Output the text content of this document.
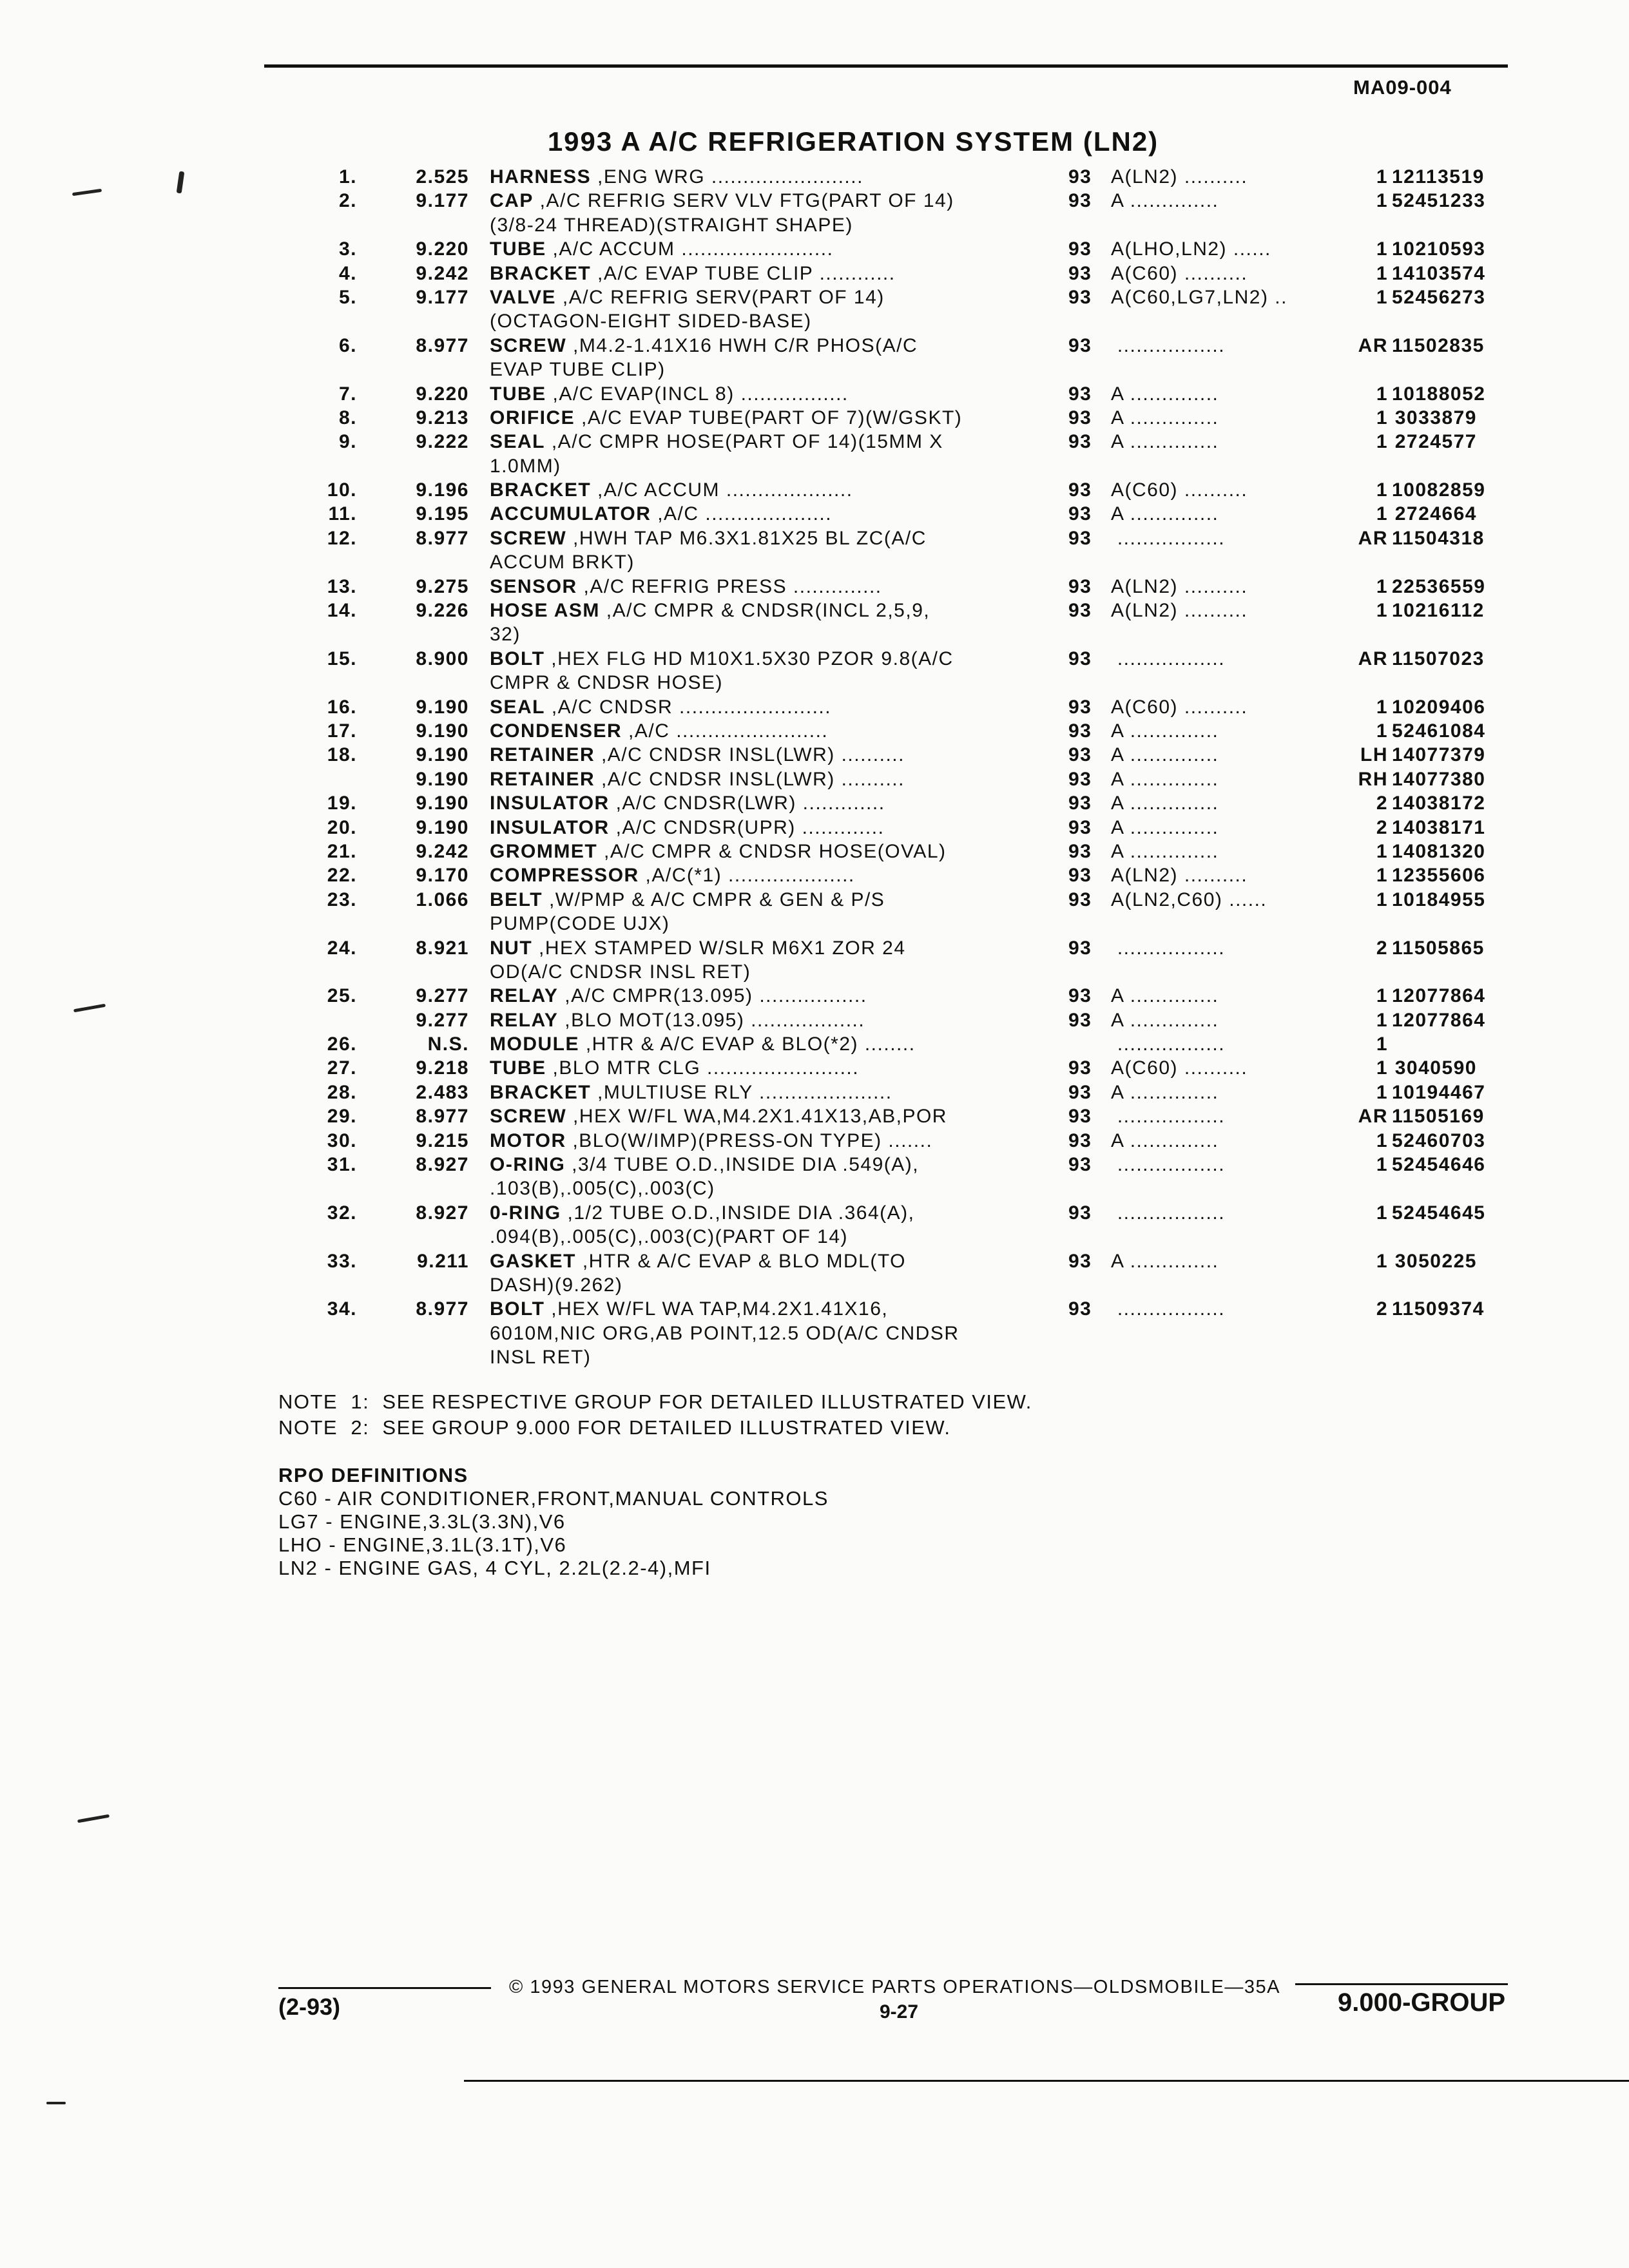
MA09-004
1993 A A/C REFRIGERATION SYSTEM (LN2)
1.	2.525 HARNESS ,ENG WRG ........................	93 A(LN2) ..........	1 12113519
2.	9.177 CAP ,A/C REFRIG SERV VLV FTG(PART OF 14)	93 A ..............	1 52451233
(3/8-24 THREAD)(STRAIGHT SHAPE)
3.	9.220 TUBE ,A/C ACCUM ........................	93 A(LHO,LN2) ......	1 10210593
4.	9.242 BRACKET ,A/C EVAP TUBE CLIP ............	93 A(C60) ..........	1 14103574
5.	9.177 VALVE ,A/C REFRIG SERV(PART OF 14)	93 A(C60,LG7,LN2) ..	1 52456273
(OCTAGON-EIGHT SIDED-BASE)
6.	8.977 SCREW ,M4.2-1.41X16 HWH C/R PHOS(A/C	93 .................	AR 11502835
EVAP TUBE CLIP)
7.	9.220 TUBE ,A/C EVAP(INCL 8) .................	93 A ..............	1 10188052
8.	9.213 ORIFICE ,A/C EVAP TUBE(PART OF 7)(W/GSKT)	93 A ..............	1 3033879
9.	9.222 SEAL ,A/C CMPR HOSE(PART OF 14)(15MM X	93 A ..............	1 2724577
1.0MM)
10.	9.196 BRACKET ,A/C ACCUM ....................	93 A(C60) ..........	1 10082859
11.	9.195 ACCUMULATOR ,A/C ....................	93 A ..............	1 2724664
12.	8.977 SCREW ,HWH TAP M6.3X1.81X25 BL ZC(A/C	93 .................	AR 11504318
ACCUM BRKT)
13.	9.275 SENSOR ,A/C REFRIG PRESS ..............	93 A(LN2) ..........	1 22536559
14.	9.226 HOSE ASM ,A/C CMPR & CNDSR(INCL 2,5,9,	93 A(LN2) ..........	1 10216112
32)
15.	8.900 BOLT ,HEX FLG HD M10X1.5X30 PZOR 9.8(A/C	93 .................	AR 11507023
CMPR & CNDSR HOSE)
16.	9.190 SEAL ,A/C CNDSR ........................	93 A(C60) ..........	1 10209406
17.	9.190 CONDENSER ,A/C ........................	93 A ..............	1 52461084
18.	9.190 RETAINER ,A/C CNDSR INSL(LWR) ..........	93 A ..............	LH 14077379
9.190 RETAINER ,A/C CNDSR INSL(LWR) ..........	93 A ..............	RH 14077380
19.	9.190 INSULATOR ,A/C CNDSR(LWR) .............	93 A ..............	2 14038172
20.	9.190 INSULATOR ,A/C CNDSR(UPR) .............	93 A ..............	2 14038171
21.	9.242 GROMMET ,A/C CMPR & CNDSR HOSE(OVAL)	93 A ..............	1 14081320
22.	9.170 COMPRESSOR ,A/C(*1) ....................	93 A(LN2) ..........	1 12355606
23.	1.066 BELT ,W/PMP & A/C CMPR & GEN & P/S	93 A(LN2,C60) ......	1 10184955
PUMP(CODE UJX)
24.	8.921 NUT ,HEX STAMPED W/SLR M6X1 ZOR 24	93 .................	2 11505865
OD(A/C CNDSR INSL RET)
25.	9.277 RELAY ,A/C CMPR(13.095) .................	93 A ..............	1 12077864
9.277 RELAY ,BLO MOT(13.095) ..................	93 A ..............	1 12077864
26.	N.S. MODULE ,HTR & A/C EVAP & BLO(*2) ........	.................	1
27.	9.218 TUBE ,BLO MTR CLG ........................	93 A(C60) ..........	1 3040590
28.	2.483 BRACKET ,MULTIUSE RLY .....................	93 A ..............	1 10194467
29.	8.977 SCREW ,HEX W/FL WA,M4.2X1.41X13,AB,POR	93 .................	AR 11505169
30.	9.215 MOTOR ,BLO(W/IMP)(PRESS-ON TYPE) .......	93 A ..............	1 52460703
31.	8.927 O-RING ,3/4 TUBE O.D.,INSIDE DIA .549(A),	93 .................	1 52454646
.103(B),.005(C),.003(C)
32.	8.927 0-RING ,1/2 TUBE O.D.,INSIDE DIA .364(A),	93 .................	1 52454645
.094(B),.005(C),.003(C)(PART OF 14)
33.	9.211 GASKET ,HTR & A/C EVAP & BLO MDL(TO	93 A ..............	1 3050225
DASH)(9.262)
34.	8.977 BOLT ,HEX W/FL WA TAP,M4.2X1.41X16,	93 .................	2 11509374
6010M,NIC ORG,AB POINT,12.5 OD(A/C CNDSR
INSL RET)
NOTE  1:  SEE RESPECTIVE GROUP FOR DETAILED ILLUSTRATED VIEW.
NOTE  2:  SEE GROUP 9.000 FOR DETAILED ILLUSTRATED VIEW.
RPO DEFINITIONS
C60 - AIR CONDITIONER,FRONT,MANUAL CONTROLS
LG7 - ENGINE,3.3L(3.3N),V6
LHO - ENGINE,3.1L(3.1T),V6
LN2 - ENGINE GAS, 4 CYL, 2.2L(2.2-4),MFI
© 1993 GENERAL MOTORS SERVICE PARTS OPERATIONS—OLDSMOBILE—35A
(2-93)	9-27	9.000-GROUP
